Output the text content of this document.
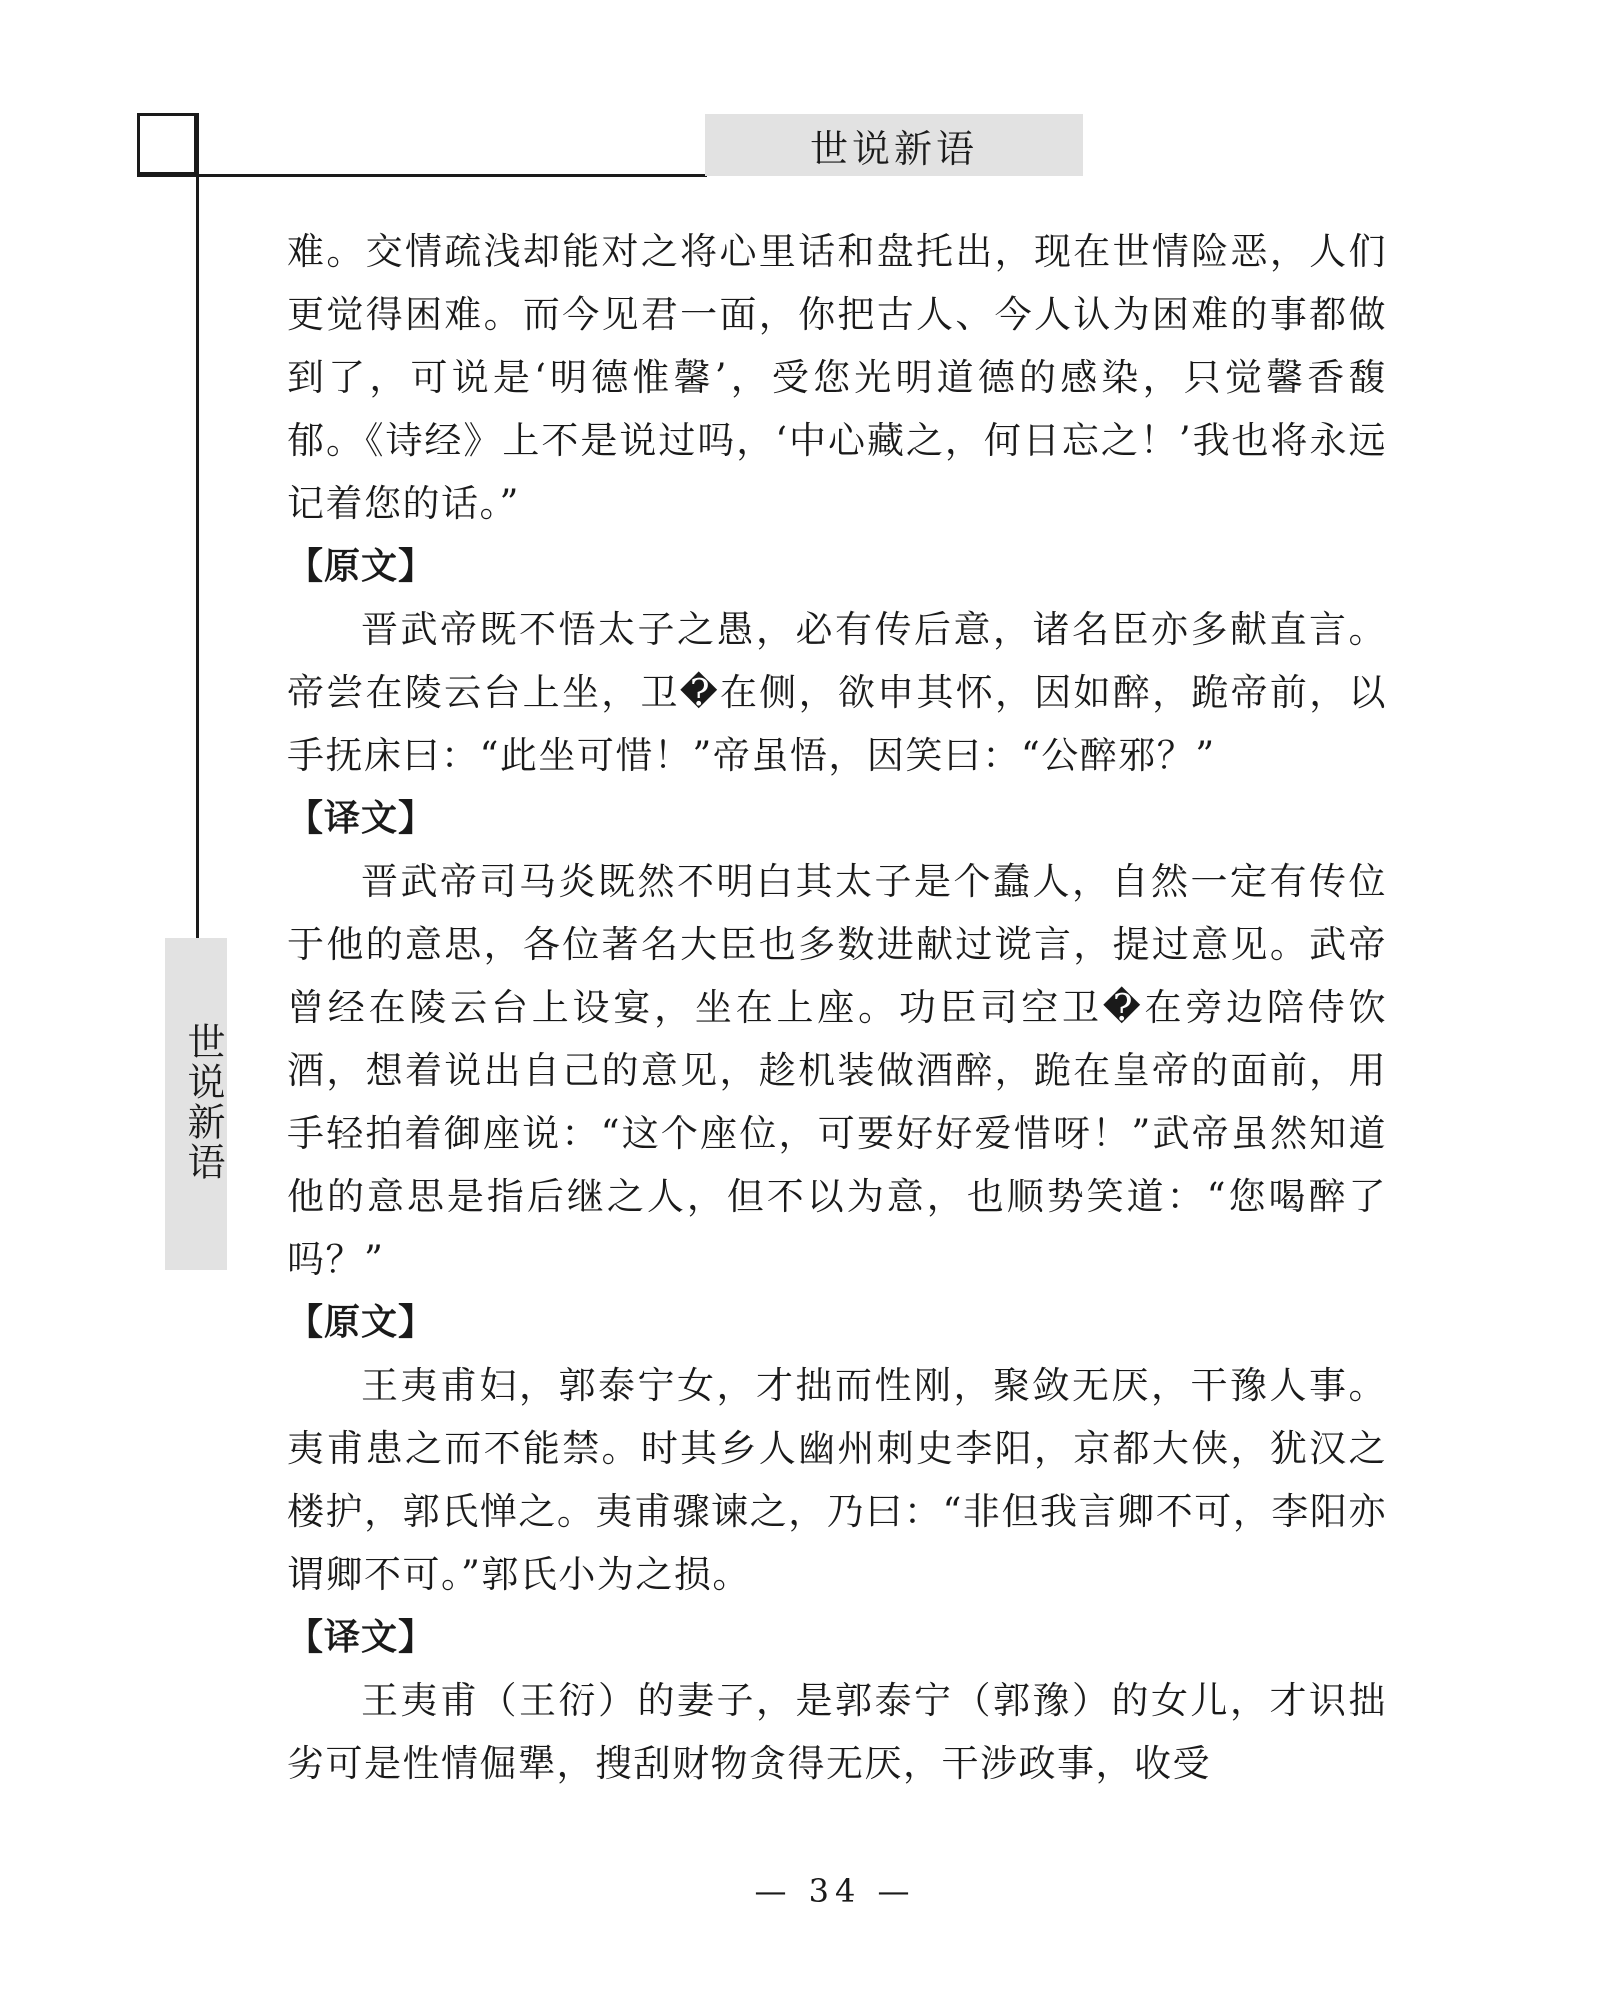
世说新语
世说新语

难。交情疏浅却能对之将心里话和盘托出，现在世情险恶，人们更觉得困难。而今见君一面，你把古人、今人认为困难的事都做到了，可说是‘明德惟馨’，受您光明道德的感染，只觉馨香馥郁。《诗经》上不是说过吗，‘中心藏之，何日忘之！’我也将永远记着您的话。”

【原文】

晋武帝既不悟太子之愚，必有传后意，诸名臣亦多献直言。帝尝在陵云台上坐，卫�在侧，欲申其怀，因如醉，跪帝前，以手抚床曰：“此坐可惜！”帝虽悟，因笑曰：“公醉邪？”

【译文】

晋武帝司马炎既然不明白其太子是个蠢人，自然一定有传位于他的意思，各位著名大臣也多数进献过谠言，提过意见。武帝曾经在陵云台上设宴，坐在上座。功臣司空卫�在旁边陪侍饮酒，想着说出自己的意见，趁机装做酒醉，跪在皇帝的面前，用手轻拍着御座说：“这个座位，可要好好爱惜呀！”武帝虽然知道他的意思是指后继之人，但不以为意，也顺势笑道：“您喝醉了吗？”

【原文】

王夷甫妇，郭泰宁女，才拙而性刚，聚敛无厌，干豫人事。夷甫患之而不能禁。时其乡人幽州刺史李阳，京都大侠，犹汉之楼护，郭氏惮之。夷甫骤谏之，乃曰：“非但我言卿不可，李阳亦谓卿不可。”郭氏小为之损。

【译文】

王夷甫（王衍）的妻子，是郭泰宁（郭豫）的女儿，才识拙劣可是性情倔犟，搜刮财物贪得无厌，干涉政事，收受

— 34 —
